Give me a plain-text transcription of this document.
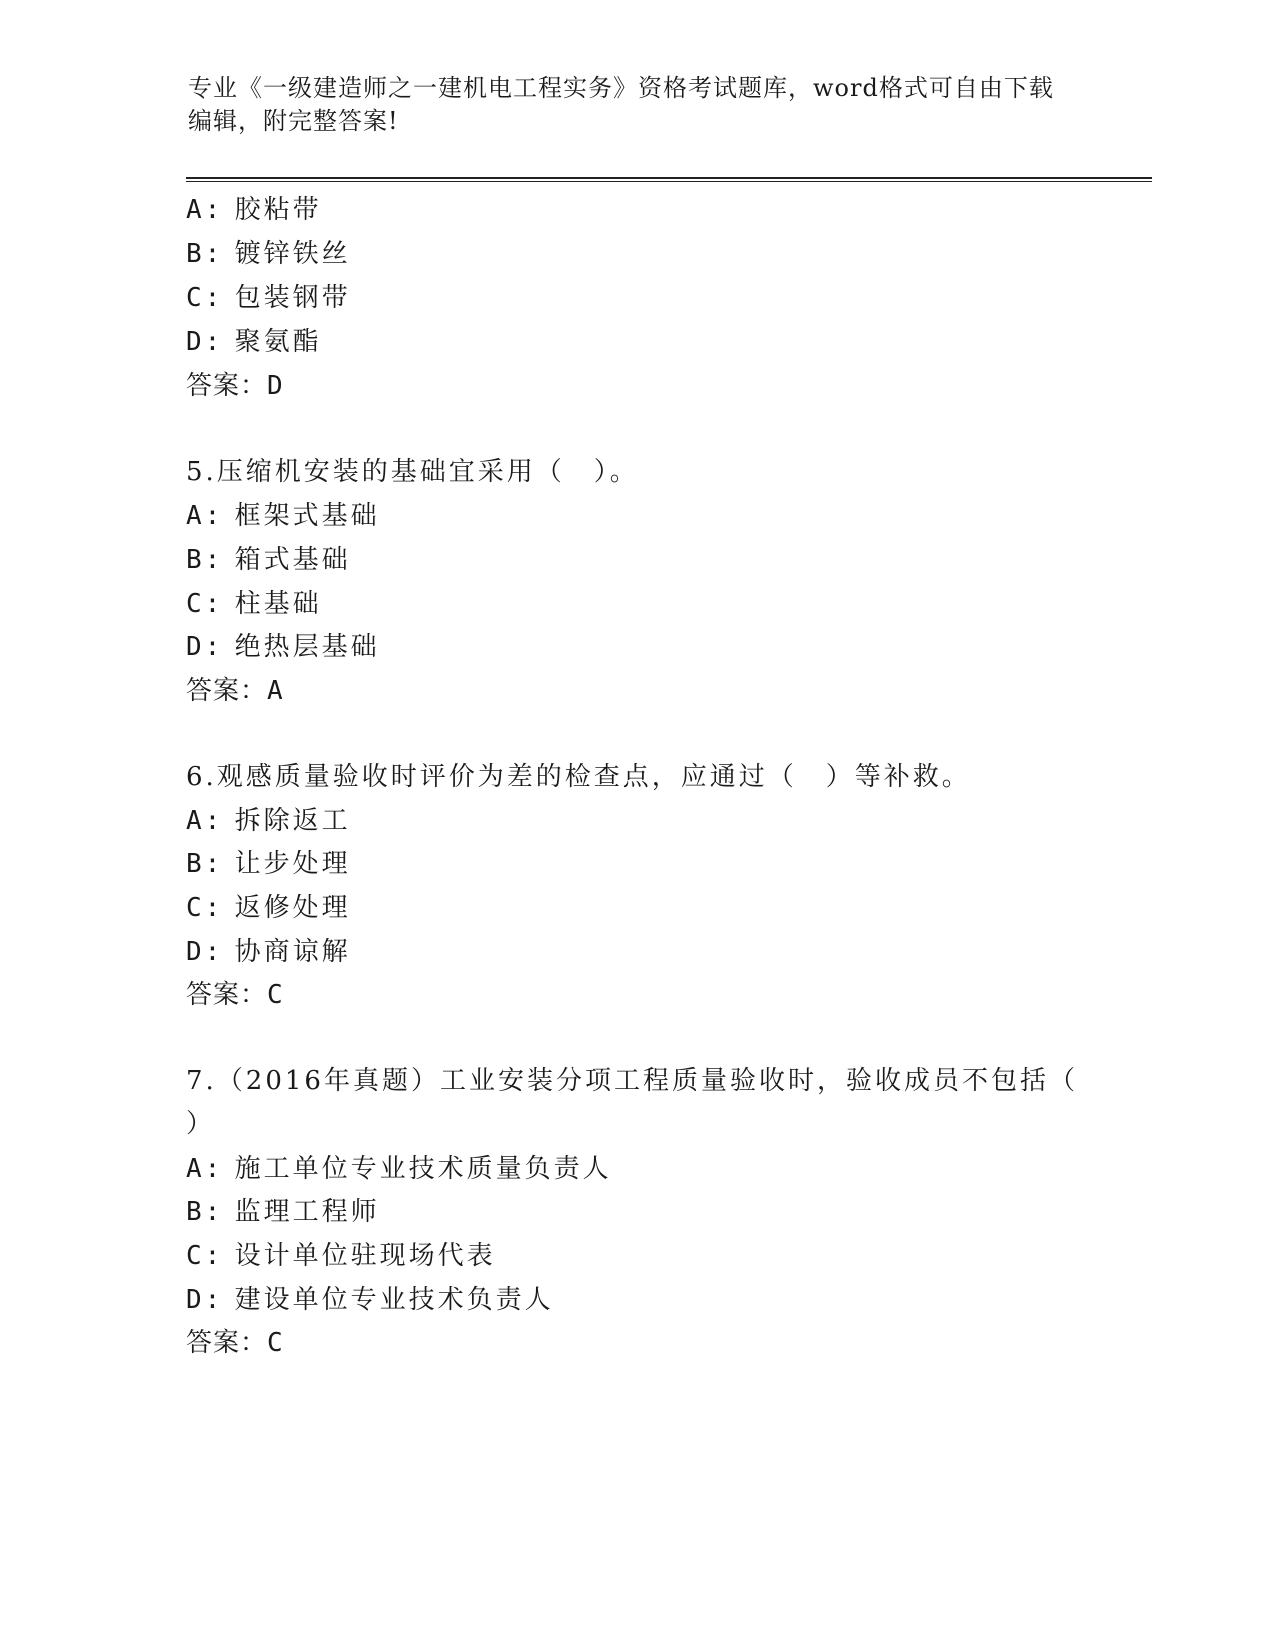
专业《一级建造师之一建机电工程实务》资格考试题库，word格式可自由下载编辑，附完整答案!
A: 胶粘带
B: 镀锌铁丝
C: 包装钢带
D: 聚氨酯
答案：D
5.压缩机安装的基础宜采用（　）。
A: 框架式基础
B: 箱式基础
C: 柱基础
D: 绝热层基础
答案：A
6.观感质量验收时评价为差的检查点，应通过（　）等补救。
A: 拆除返工
B: 让步处理
C: 返修处理
D: 协商谅解
答案：C
7.（2016年真题）工业安装分项工程质量验收时，验收成员不包括（
）
A: 施工单位专业技术质量负责人
B: 监理工程师
C: 设计单位驻现场代表
D: 建设单位专业技术负责人
答案：C
